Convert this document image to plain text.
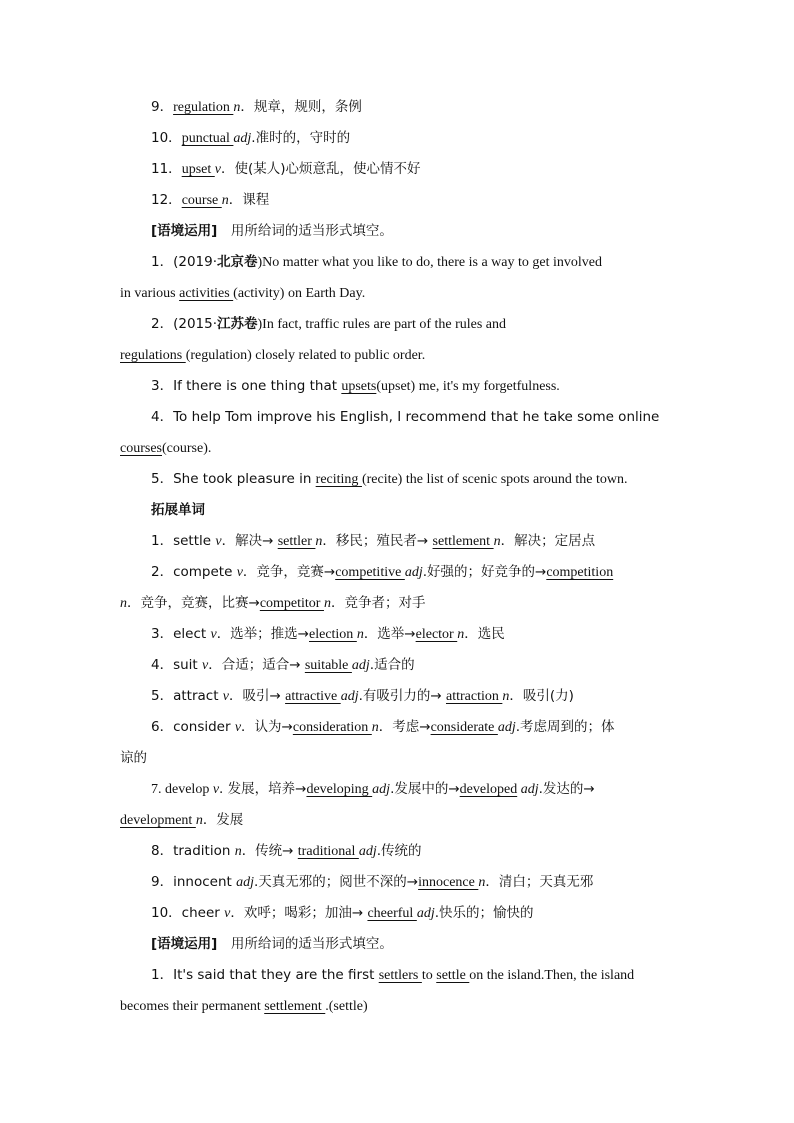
9．regulation n．规章，规则，条例
10．punctual adj.准时的，守时的
11．upset v．使(某人)心烦意乱，使心情不好
12．course n．课程
[语境运用]　用所给词的适当形式填空。
1．(2019·北京卷)No matter what you like to do, there is a way to get involved
in various activities (activity) on Earth Day.
2．(2015·江苏卷)In fact, traffic rules are part of the rules and
regulations (regulation) closely related to public order.
3．If there is one thing that upsets(upset) me, it's my forgetfulness.
4．To help Tom improve his English, I recommend that he take some online
courses(course).
5．She took pleasure in reciting (recite) the list of scenic spots around the town.
拓展单词
1．settle v．解决→ settler n．移民；殖民者→ settlement n．解决；定居点
2．compete v．竞争，竞赛→competitive adj.好强的；好竞争的→competition
n．竞争，竞赛，比赛→competitor n．竞争者；对手
3．elect v．选举；推选→election n．选举→elector n．选民
4．suit v．合适；适合→ suitable adj.适合的
5．attract v．吸引→ attractive adj.有吸引力的→ attraction n．吸引(力)
6．consider v．认为→consideration n．考虑→considerate adj.考虑周到的；体
谅的
7. develop v. 发展，培养→developing adj.发展中的→developed adj.发达的→
development n．发展
8．tradition n．传统→ traditional adj.传统的
9．innocent adj.天真无邪的；阅世不深的→innocence n．清白；天真无邪
10．cheer v．欢呼；喝彩；加油→ cheerful adj.快乐的；愉快的
[语境运用]　用所给词的适当形式填空。
1．It's said that they are the first settlers to settle on the island.Then, the island
becomes their permanent settlement .(settle)
